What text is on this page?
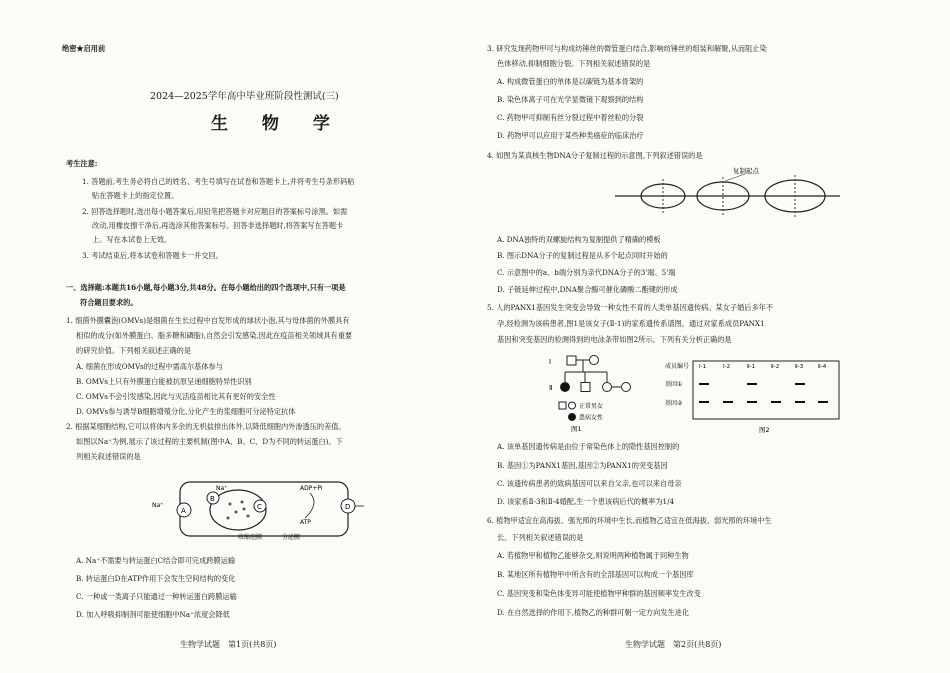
绝密★启用前
2024—2025学年高中毕业班阶段性测试(三)
生 物 学
考生注意:
1. 答题前,考生务必将自己的姓名、考生号填写在试卷和答题卡上,并将考生号条形码粘
贴在答题卡上的指定位置。
2. 回答选择题时,选出每小题答案后,用铅笔把答题卡对应题目的答案标号涂黑。如需
改动,用橡皮擦干净后,再选涂其他答案标号。回答非选择题时,将答案写在答题卡
上。写在本试卷上无效。
3. 考试结束后,将本试卷和答题卡一并交回。
一、选择题:本题共16小题,每小题3分,共48分。在每小题给出的四个选项中,只有一项是
符合题目要求的。
1. 细菌外膜囊泡(OMVs)是细菌在生长过程中自发形成的球状小泡,其与母体菌的外膜具有
相似的成分(如外膜蛋白、脂多糖和磷脂),自然会引发感染,因此在疫苗相关领域具有重要
的研究价值。下列相关叙述正确的是
A. 细菌在形成OMVs的过程中需高尔基体参与
B. OMVs上只有外膜蛋白能被抗原呈递细胞特异性识别
C. OMVs不会引发感染,因此与灭活疫苗相比其有更好的安全性
D. OMVs参与诱导B细胞增殖分化,分化产生的浆细胞可分泌特定抗体
2. 根据某细胞结构,它可以将体内多余的无机盐排出体外,以降低细胞内外渗透压的差值。
如图以Na⁺为例,展示了该过程的主要机制(图中A、B、C、D为不同的转运蛋白)。下
列相关叙述错误的是
A
B
C	D
Na⁺
Na⁺	ADP+Pi
ATP
收缩泡膜	分泌膜
A. Na⁺不需要与转运蛋白C结合即可完成跨膜运输
B. 转运蛋白D在ATP作用下会发生空间结构的变化
C. 一种或一类离子只能通过一种转运蛋白跨膜运输
D. 加入呼吸抑制剂可能使细胞中Na⁺浓度会降低
生物学试题　第1页(共8页)
3. 研究发现药物甲可与构成纺锤丝的微管蛋白结合,影响纺锤丝的组装和解聚,从而阻止染
色体移动,抑制细胞分裂。下列相关叙述错误的是
A. 构成微管蛋白的单体是以碳链为基本骨架的
B. 染色体离子可在光学显微镜下观察到的结构
C. 药物甲可抑制有丝分裂过程中着丝粒的分裂
D. 药物甲可以应用于某些种类癌症的临床治疗
4. 如图为某真核生物DNA分子复制过程的示意图,下列叙述错误的是
复制起点
A. DNA独特的双螺旋结构为复制提供了精确的模板
B. 图示DNA分子的复制过程是从多个起点同时开始的
C. 示意图中的a、b端分别为亲代DNA分子的3'端、5'端
D. 子链延伸过程中,DNA聚合酶可催化磷酸二酯键的形成
5. 人的PANX1基因发生突变会导致一种女性不育的人类单基因遗传病。某女子婚后多年不
孕,经检测为该病患者,图1是该女子(Ⅱ-1)的家系遗传系谱图。通过对家系成员PANX1
基因和突变基因的检测得到的电泳条带如图2所示。下列有关分析正确的是
Ⅰ
Ⅱ
正常男女
患病女性
图1
成员编号 Ⅰ-1	Ⅰ-2	Ⅱ-1	Ⅱ-2	Ⅱ-3	Ⅱ-4
基因①
基因②
图2
A. 该单基因遗传病是由位于常染色体上的隐性基因控制的
B. 基因①为PANX1基因,基因②为PANX1的突变基因
C. 该遗传病患者的致病基因可以来自父亲,也可以来自母亲
D. 该家系Ⅱ-3和Ⅱ-4婚配,生一个患该病后代的概率为1/4
6. 植物甲适宜在高海拔、强光照的环境中生长,而植物乙适宜在低海拔、弱光照的环境中生
长。下列相关叙述错误的是
A. 若植物甲和植物乙能够杂交,则说明两种植物属于同种生物
B. 某地区所有植物甲中所含有的全部基因可以构成一个基因库
C. 基因突变和染色体变异可能使植物甲种群的基因频率发生改变
D. 在自然选择的作用下,植物乙的种群可朝一定方向发生进化
生物学试题　第2页(共8页)
